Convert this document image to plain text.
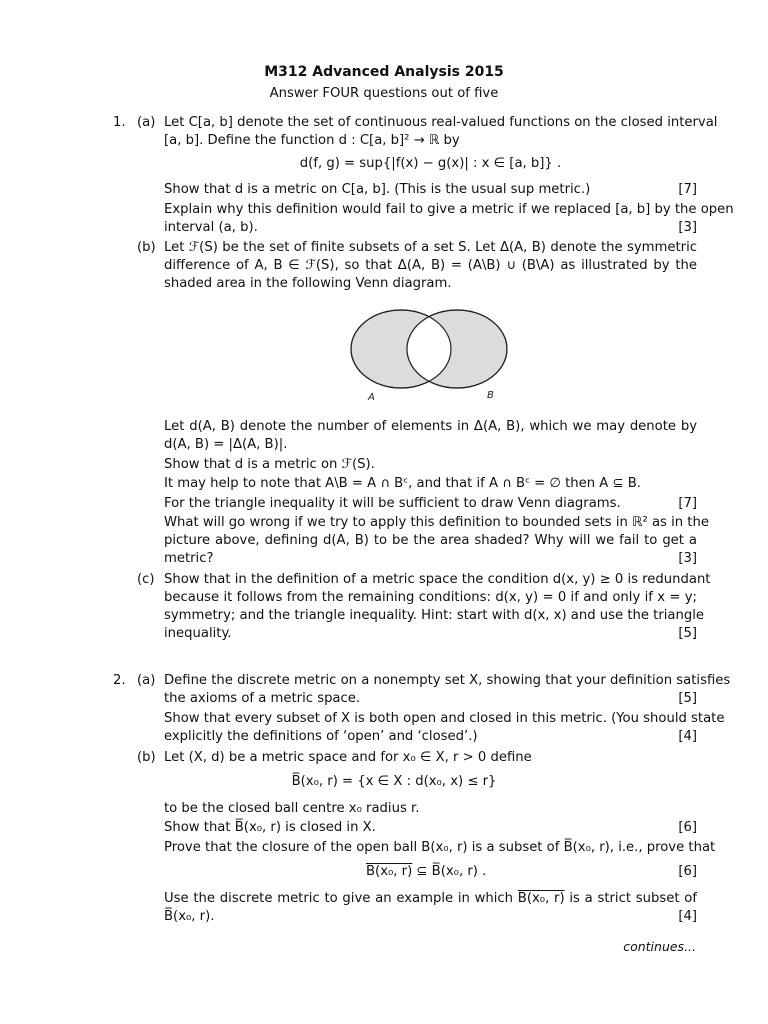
M312 Advanced Analysis 2015
Answer FOUR questions out of five
1. (a) Let C[a, b] denote the set of continuous real-valued functions on the closed interval
[a, b]. Define the function d : C[a, b]² → ℝ by
d(f, g) = sup{|f(x) − g(x)| : x ∈ [a, b]} .
Show that d is a metric on C[a, b]. (This is the usual sup metric.)	[7]
Explain why this definition would fail to give a metric if we replaced [a, b] by the open
interval (a, b).	[3]
(b) Let ℱ(S) be the set of finite subsets of a set S. Let Δ(A, B) denote the symmetric
difference of A, B ∈ ℱ(S), so that Δ(A, B) = (A\B) ∪ (B\A) as illustrated by the
shaded area in the following Venn diagram.
A	B
Let d(A, B) denote the number of elements in Δ(A, B), which we may denote by
d(A, B) = |Δ(A, B)|.
Show that d is a metric on ℱ(S).
It may help to note that A\B = A ∩ Bᶜ, and that if A ∩ Bᶜ = ∅ then A ⊆ B.
For the triangle inequality it will be sufficient to draw Venn diagrams.	[7]
What will go wrong if we try to apply this definition to bounded sets in ℝ² as in the
picture above, defining d(A, B) to be the area shaded? Why will we fail to get a
metric?	[3]
(c) Show that in the definition of a metric space the condition d(x, y) ≥ 0 is redundant
because it follows from the remaining conditions: d(x, y) = 0 if and only if x = y;
symmetry; and the triangle inequality. Hint: start with d(x, x) and use the triangle
inequality.	[5]
2. (a) Define the discrete metric on a nonempty set X, showing that your definition satisfies
the axioms of a metric space.	[5]
Show that every subset of X is both open and closed in this metric. (You should state
explicitly the definitions of ‘open’ and ‘closed’.)	[4]
(b) Let (X, d) be a metric space and for x₀ ∈ X, r > 0 define
B̅(x₀, r) = {x ∈ X : d(x₀, x) ≤ r}
to be the closed ball centre x₀ radius r.
Show that B̅(x₀, r) is closed in X.	[6]
Prove that the closure of the open ball B(x₀, r) is a subset of B̅(x₀, r), i.e., prove that
B(x₀, r) ⊆ B̅(x₀, r) .	[6]
Use the discrete metric to give an example in which B(x₀, r) is a strict subset of
B̅(x₀, r).	[4]
continues...
